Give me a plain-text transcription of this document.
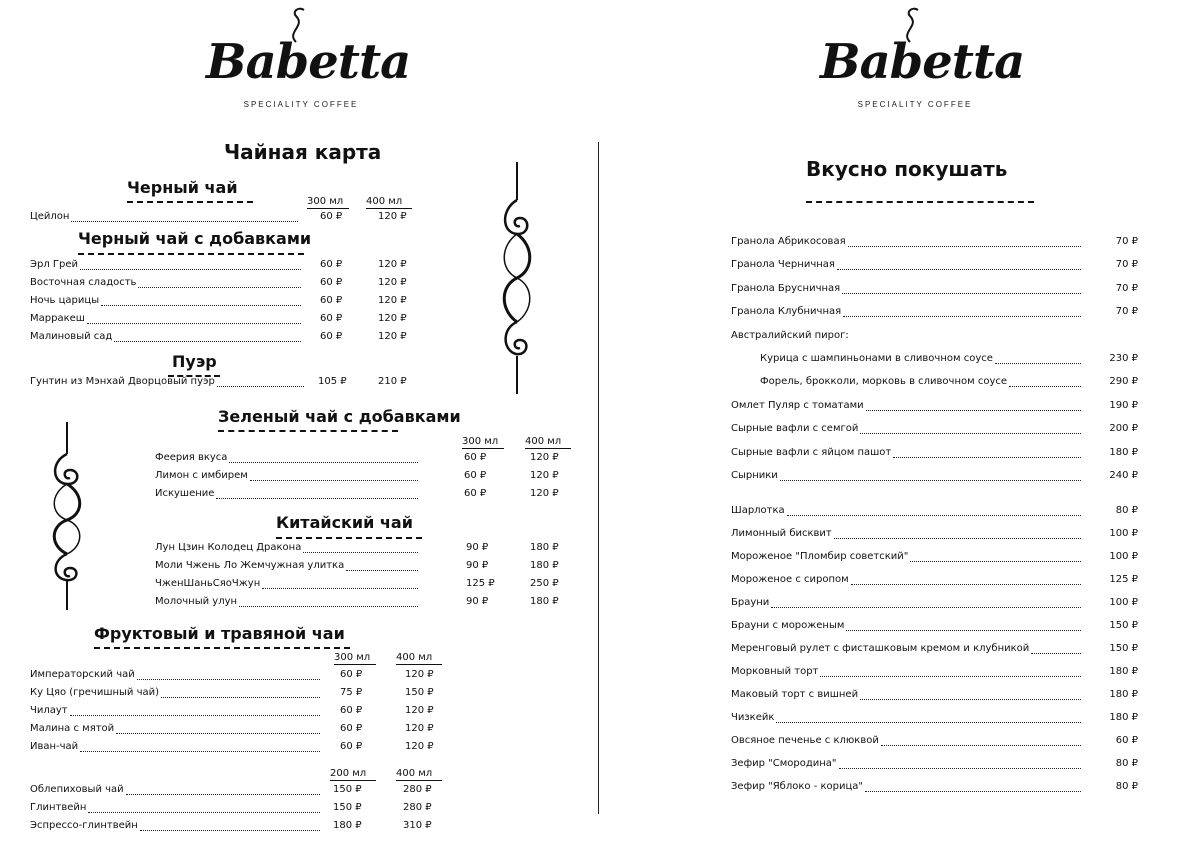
Babetta
SPECIALITY COFFEE
Babetta
SPECIALITY COFFEE
Чайная карта
Черный чай
300 мл	400 мл
Цейлон	60 ₽	120 ₽
Черный чай с добавками
Эрл Грей	60 ₽	120 ₽
Восточная сладость	60 ₽	120 ₽
Ночь царицы	60 ₽	120 ₽
Марракеш	60 ₽	120 ₽
Малиновый сад	60 ₽	120 ₽
Пуэр
Гунтин из Мэнхай Дворцовый пуэр	105 ₽	210 ₽
Зеленый чай с добавками
300 мл	400 мл
Феерия вкуса	60 ₽	120 ₽
Лимон с имбирем	60 ₽	120 ₽
Искушение	60 ₽	120 ₽
Китайский чай
Лун Цзин Колодец Дракона	90 ₽	180 ₽
Моли Чжень Ло Жемчужная улитка	90 ₽	180 ₽
ЧженШаньСяоЧжун	125 ₽	250 ₽
Молочный улун	90 ₽	180 ₽
Фруктовый и травяной чаи
300 мл	400 мл
Императорский чай	60 ₽	120 ₽
Ку Цяо (гречишный чай)	75 ₽	150 ₽
Чилаут	60 ₽	120 ₽
Малина с мятой	60 ₽	120 ₽
Иван-чай	60 ₽	120 ₽
200 мл	400 мл
Облепиховый чай	150 ₽	280 ₽
Глинтвейн	150 ₽	280 ₽
Эспрессо-глинтвейн	180 ₽	310 ₽
Вкусно покушать
Гранола Абрикосовая	70 ₽
Гранола Черничная	70 ₽
Гранола Брусничная	70 ₽
Гранола Клубничная	70 ₽
Австралийский пирог:
Курица с шампиньонами в сливочном соусе	230 ₽
Форель, брокколи, морковь в сливочном соусе	290 ₽
Омлет Пуляр с томатами	190 ₽
Сырные вафли с семгой	200 ₽
Сырные вафли с яйцом пашот	180 ₽
Сырники	240 ₽
Шарлотка	80 ₽
Лимонный бисквит	100 ₽
Мороженое "Пломбир советский"	100 ₽
Мороженое с сиропом	125 ₽
Брауни	100 ₽
Брауни с мороженым	150 ₽
Меренговый рулет с фисташковым кремом и клубникой	150 ₽
Морковный торт	180 ₽
Маковый торт с вишней	180 ₽
Чизкейк	180 ₽
Овсяное печенье с клюквой	60 ₽
Зефир "Смородина"	80 ₽
Зефир "Яблоко - корица"	80 ₽
